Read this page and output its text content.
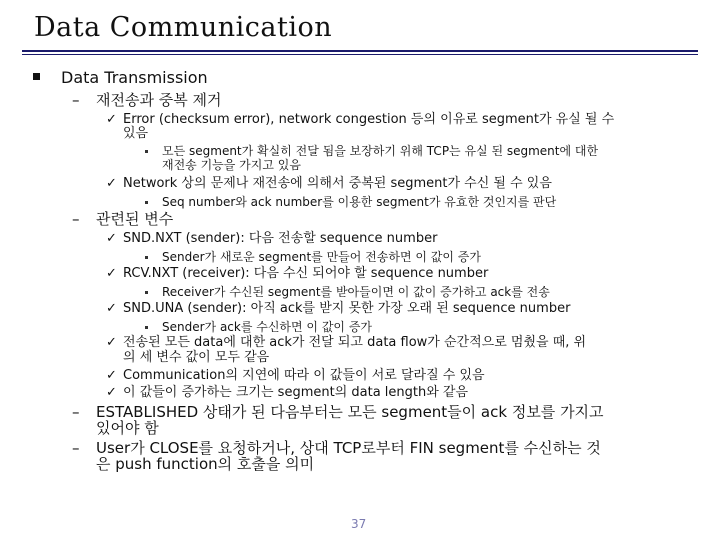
Data Communication
Data Transmission
– 재전송과 중복 제거
✓ Error (checksum error), network congestion 등의 이유로 segment가 유실 될 수
있음
모든 segment가 확실히 전달 됨을 보장하기 위해 TCP는 유실 된 segment에 대한
재전송 기능을 가지고 있음
✓ Network 상의 문제나 재전송에 의해서 중복된 segment가 수신 될 수 있음
Seq number와 ack number를 이용한 segment가 유효한 것인지를 판단
– 관련된 변수
✓ SND.NXT (sender): 다음 전송할 sequence number
Sender가 새로운 segment를 만들어 전송하면 이 값이 증가
✓ RCV.NXT (receiver): 다음 수신 되어야 할 sequence number
Receiver가 수신된 segment를 받아들이면 이 값이 증가하고 ack를 전송
✓ SND.UNA (sender): 아직 ack를 받지 못한 가장 오래 된 sequence number
Sender가 ack를 수신하면 이 값이 증가
✓ 전송된 모든 data에 대한 ack가 전달 되고 data flow가 순간적으로 멈췄을 때, 위
의 세 변수 값이 모두 같음
✓ Communication의 지연에 따라 이 값들이 서로 달라질 수 있음
✓ 이 값들이 증가하는 크기는 segment의 data length와 같음
– ESTABLISHED 상태가 된 다음부터는 모든 segment들이 ack 정보를 가지고
있어야 함
– User가 CLOSE를 요청하거나, 상대 TCP로부터 FIN segment를 수신하는 것
은 push function의 호출을 의미
37
